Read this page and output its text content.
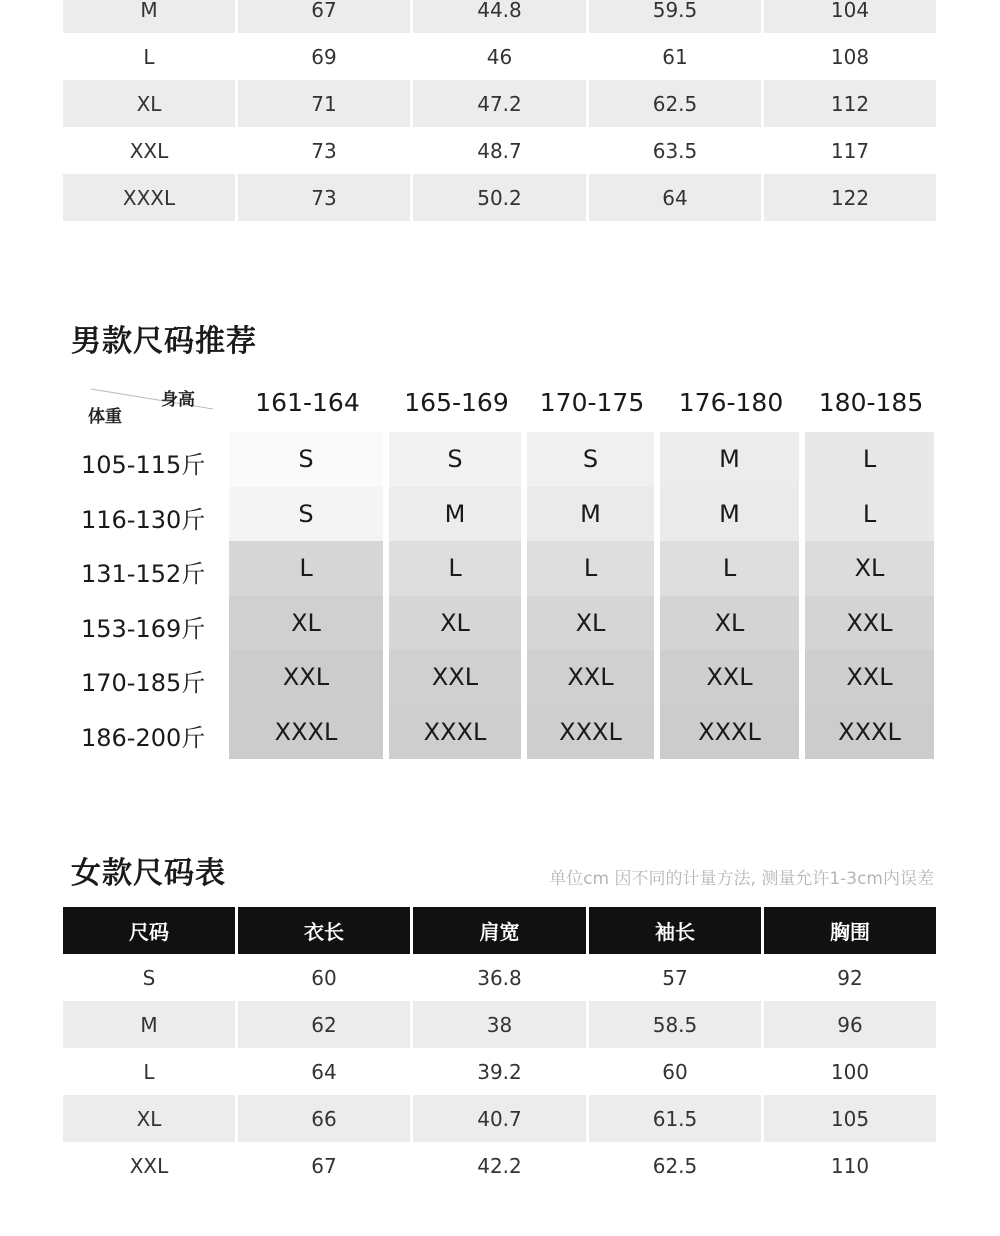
M	67	44.8	59.5	104
L	69	46	61	108
XL	71	47.2	62.5	112
XXL	73	48.7	63.5	117
XXXL	73	50.2	64	122
男款尺码推荐
身高
体重	161-164	165-169	170-175	176-180	180-185
105-115斤	S	S	S	M	L
116-130斤	S	M	M	M	L
131-152斤	L	L	L	L	XL
153-169斤	XL	XL	XL	XL	XXL
170-185斤	XXL	XXL	XXL	XXL	XXL
186-200斤	XXXL	XXXL	XXXL	XXXL	XXXL
女款尺码表	单位cm 因不同的计量方法, 测量允许1-3cm内误差
尺码	衣长	肩宽	袖长	胸围
S	60	36.8	57	92
M	62	38	58.5	96
L	64	39.2	60	100
XL	66	40.7	61.5	105
XXL	67	42.2	62.5	110
